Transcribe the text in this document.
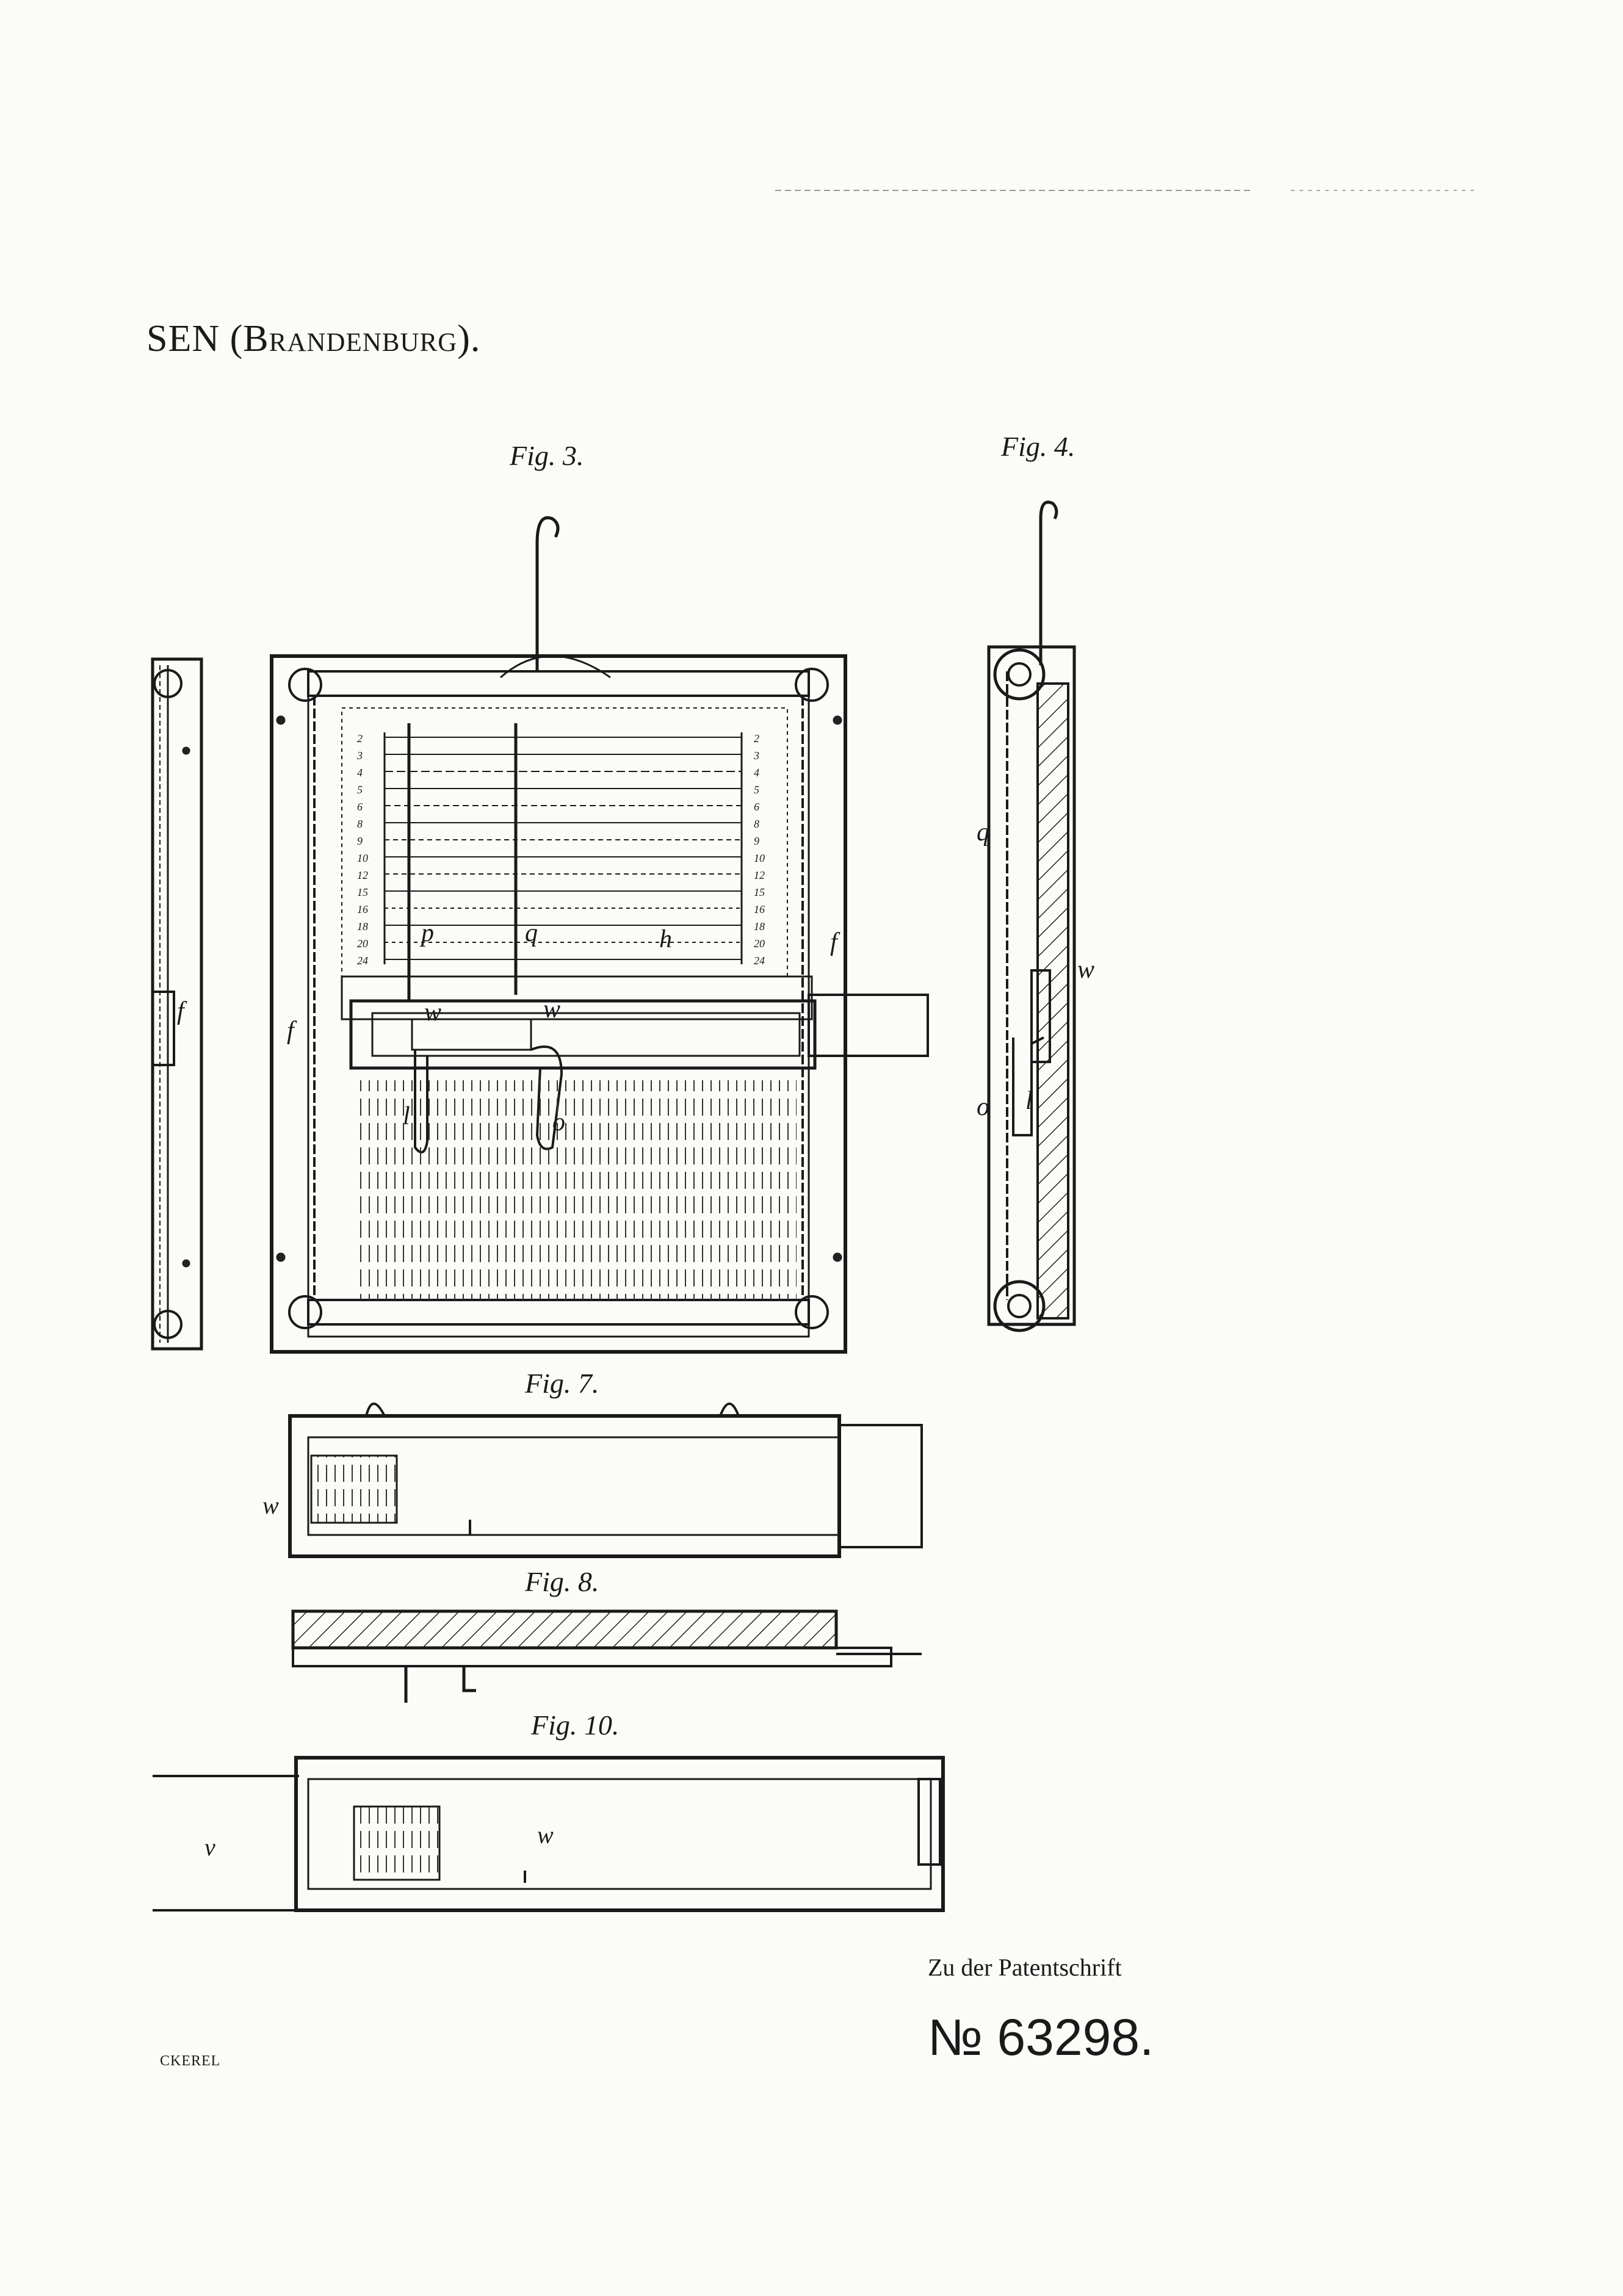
SEN (Brandenburg).
Fig. 3.	Fig. 4.
Fig. 7.
Fig. 8.
Fig. 10.
f
w
v	w
2
3
4
5
6
8
9
10
12
15
16
18
20
24
2
3
4
5
6
8
9
10
12
15
16
18
20
24
p	q	h	f
f
w	w
l	o
q
w
o l
Zu der Patentschrift
№ 63298.
CKEREL
